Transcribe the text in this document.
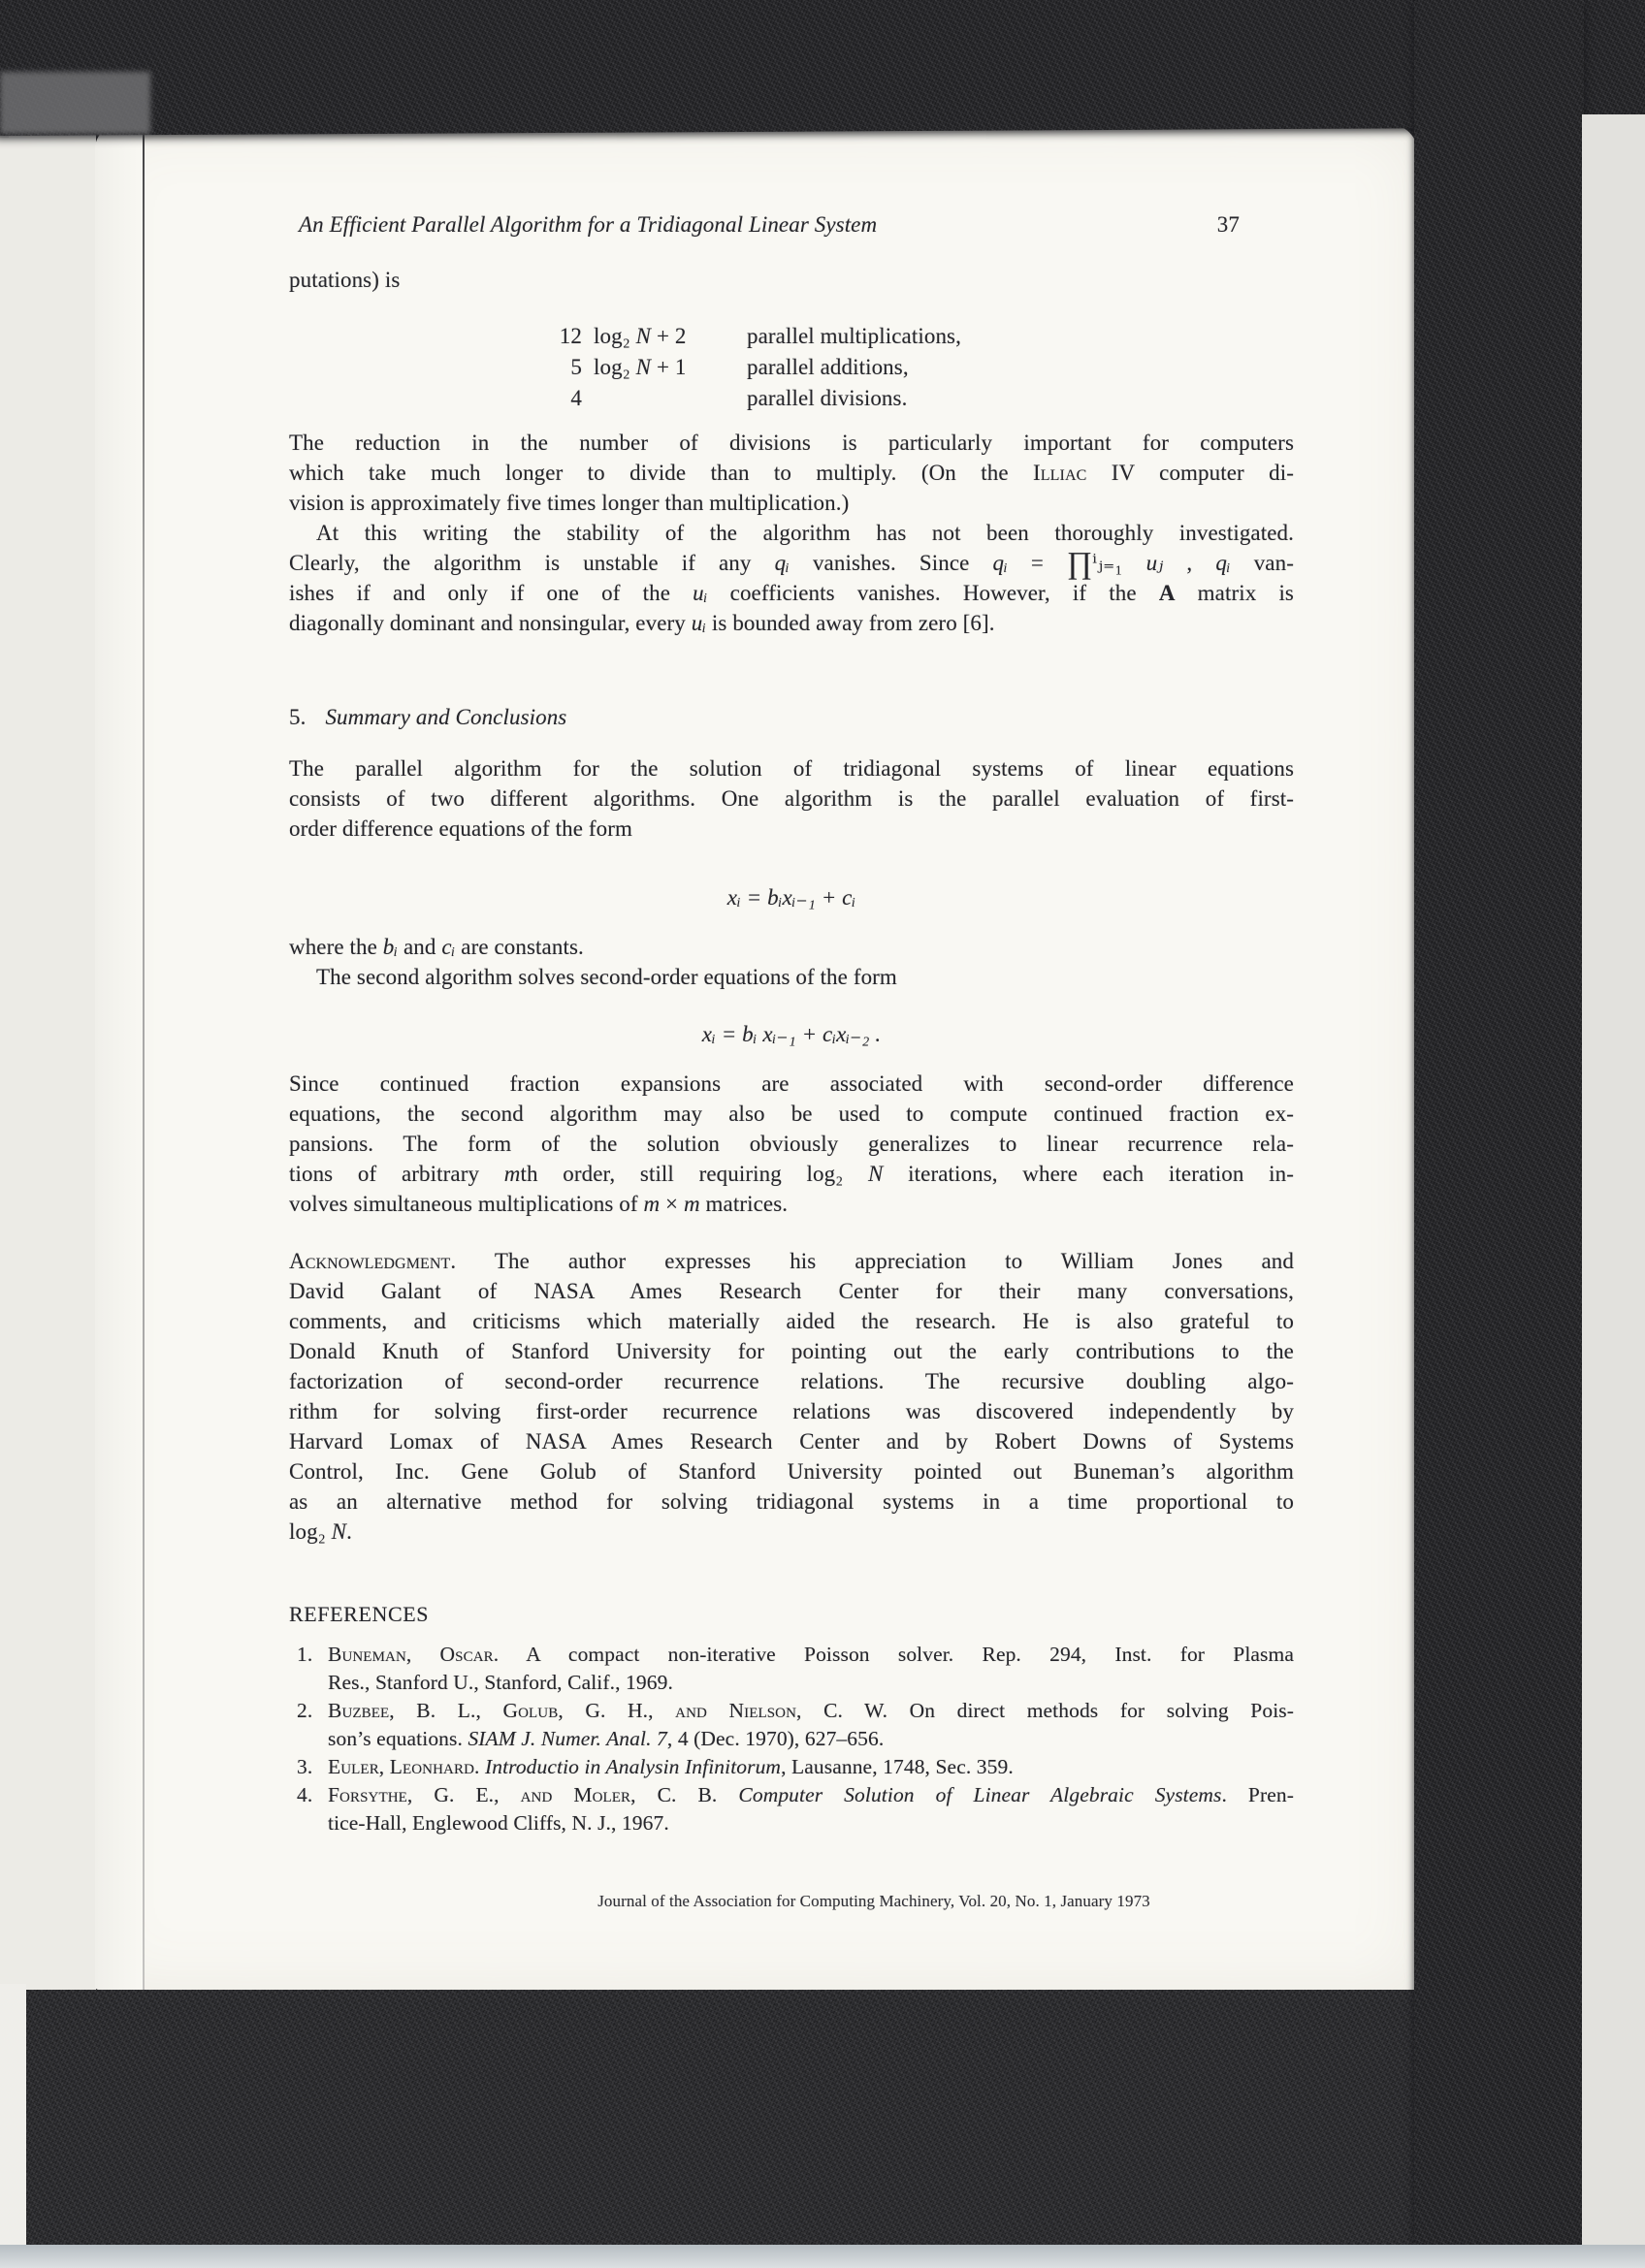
An Efficient Parallel Algorithm for a Tridiagonal Linear System	37
putations) is
12 log₂ N + 2	parallel multiplications,
5 log₂ N + 1	parallel additions,
4	parallel divisions.
The reduction in the number of divisions is particularly important for computers
which take much longer to divide than to multiply. (On the Illiac IV computer di-
vision is approximately five times longer than multiplication.)
At this writing the stability of the algorithm has not been thoroughly investigated.
Clearly, the algorithm is unstable if any qᵢ vanishes. Since qᵢ = ∏ⁱⱼ₌₁ uⱼ , qᵢ van-
ishes if and only if one of the uᵢ coefficients vanishes. However, if the A matrix is
diagonally dominant and nonsingular, every uᵢ is bounded away from zero [6].
5. Summary and Conclusions
The parallel algorithm for the solution of tridiagonal systems of linear equations
consists of two different algorithms. One algorithm is the parallel evaluation of first-
order difference equations of the form
xᵢ = bᵢxᵢ₋₁ + cᵢ
where the bᵢ and cᵢ are constants.
The second algorithm solves second-order equations of the form
xᵢ = bᵢ xᵢ₋₁ + cᵢxᵢ₋₂ .
Since continued fraction expansions are associated with second-order difference
equations, the second algorithm may also be used to compute continued fraction ex-
pansions. The form of the solution obviously generalizes to linear recurrence rela-
tions of arbitrary mth order, still requiring log₂ N iterations, where each iteration in-
volves simultaneous multiplications of m × m matrices.
Acknowledgment. The author expresses his appreciation to William Jones and
David Galant of NASA Ames Research Center for their many conversations,
comments, and criticisms which materially aided the research. He is also grateful to
Donald Knuth of Stanford University for pointing out the early contributions to the
factorization of second-order recurrence relations. The recursive doubling algo-
rithm for solving first-order recurrence relations was discovered independently by
Harvard Lomax of NASA Ames Research Center and by Robert Downs of Systems
Control, Inc. Gene Golub of Stanford University pointed out Buneman’s algorithm
as an alternative method for solving tridiagonal systems in a time proportional to
log₂ N.
REFERENCES
1. Buneman, Oscar. A compact non-iterative Poisson solver. Rep. 294, Inst. for Plasma
Res., Stanford U., Stanford, Calif., 1969.
2. Buzbee, B. L., Golub, G. H., and Nielson, C. W. On direct methods for solving Pois-
son’s equations. SIAM J. Numer. Anal. 7, 4 (Dec. 1970), 627–656.
3. Euler, Leonhard. Introductio in Analysin Infinitorum, Lausanne, 1748, Sec. 359.
4. Forsythe, G. E., and Moler, C. B. Computer Solution of Linear Algebraic Systems. Pren-
tice-Hall, Englewood Cliffs, N. J., 1967.
Journal of the Association for Computing Machinery, Vol. 20, No. 1, January 1973
